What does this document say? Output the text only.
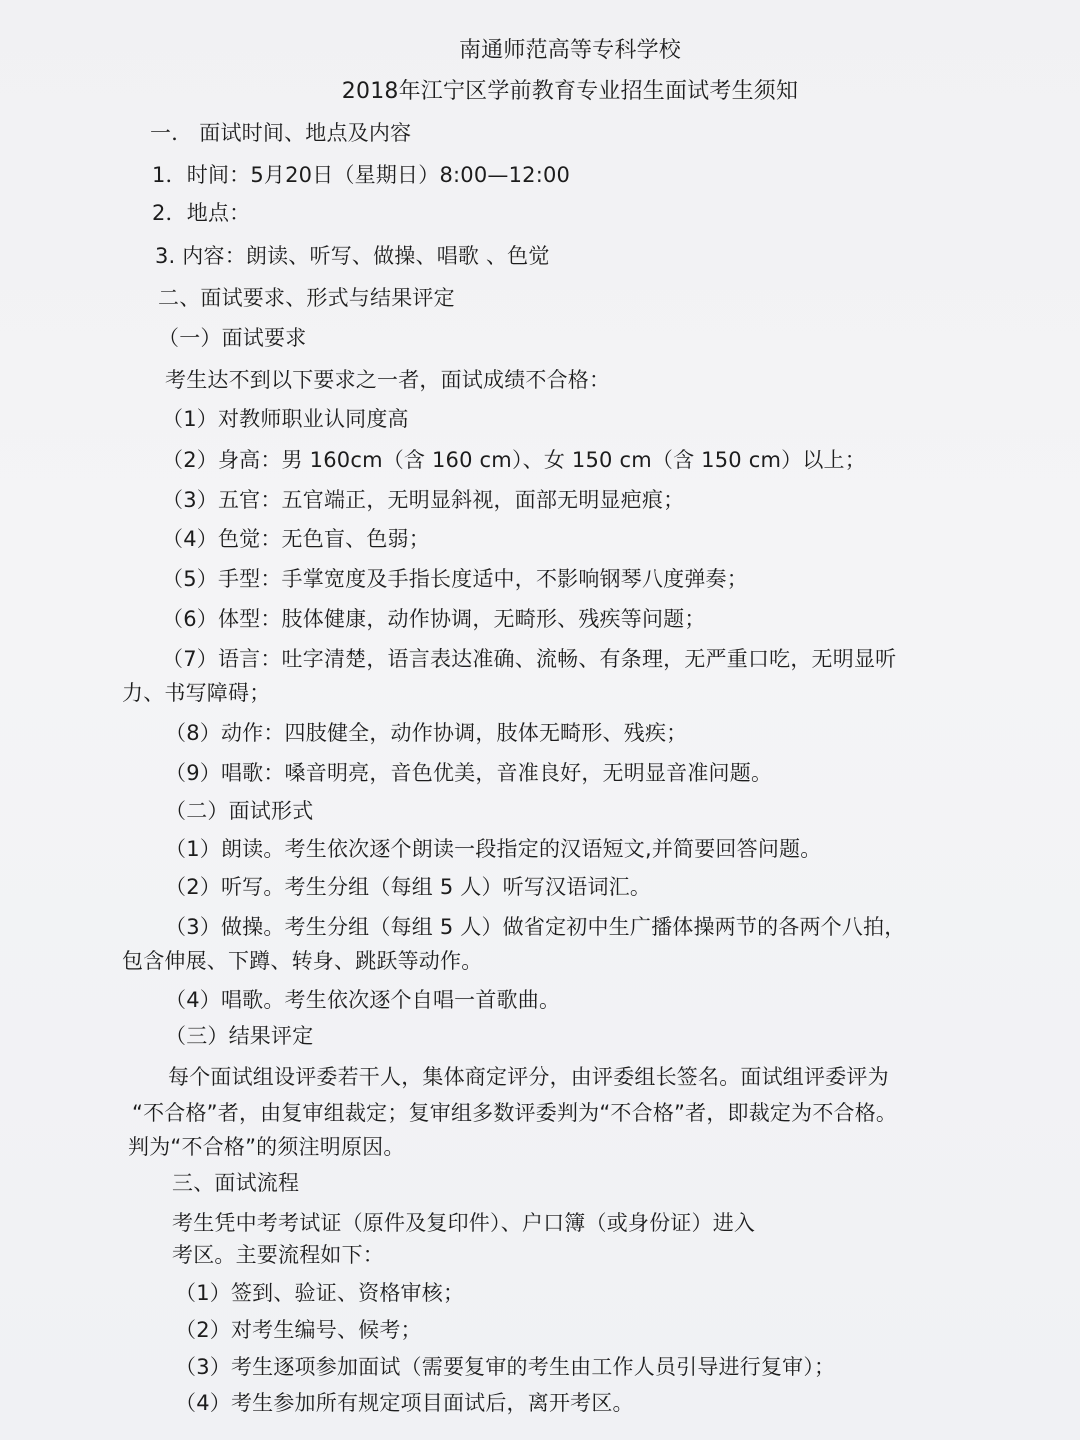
南通师范高等专科学校
2018年江宁区学前教育专业招生面试考生须知
一． 面试时间、地点及内容
1．时间：5月20日（星期日）8:00—12:00
2．地点：
3. 内容：朗读、听写、做操、唱歌 、色觉
二、面试要求、形式与结果评定
（一）面试要求
考生达不到以下要求之一者，面试成绩不合格：
（1）对教师职业认同度高
（2）身高：男 160cm（含 160 cm）、女 150 cm（含 150 cm）以上；
（3）五官：五官端正，无明显斜视，面部无明显疤痕；
（4）色觉：无色盲、色弱；
（5）手型：手掌宽度及手指长度适中，不影响钢琴八度弹奏；
（6）体型：肢体健康，动作协调，无畸形、残疾等问题；
（7）语言：吐字清楚，语言表达准确、流畅、有条理，无严重口吃，无明显听
力、书写障碍；
（8）动作：四肢健全，动作协调，肢体无畸形、残疾；
（9）唱歌：嗓音明亮，音色优美，音准良好，无明显音准问题。
（二）面试形式
（1）朗读。考生依次逐个朗读一段指定的汉语短文,并简要回答问题。
（2）听写。考生分组（每组 5 人）听写汉语词汇。
（3）做操。考生分组（每组 5 人）做省定初中生广播体操两节的各两个八拍，
包含伸展、下蹲、转身、跳跃等动作。
（4）唱歌。考生依次逐个自唱一首歌曲。
（三）结果评定
每个面试组设评委若干人，集体商定评分，由评委组长签名。面试组评委评为
“不合格”者，由复审组裁定；复审组多数评委判为“不合格”者，即裁定为不合格。
判为“不合格”的须注明原因。
三、面试流程
考生凭中考考试证（原件及复印件）、户口簿（或身份证）进入
考区。主要流程如下：
（1）签到、验证、资格审核；
（2）对考生编号、候考；
（3）考生逐项参加面试（需要复审的考生由工作人员引导进行复审）；
（4）考生参加所有规定项目面试后，离开考区。
